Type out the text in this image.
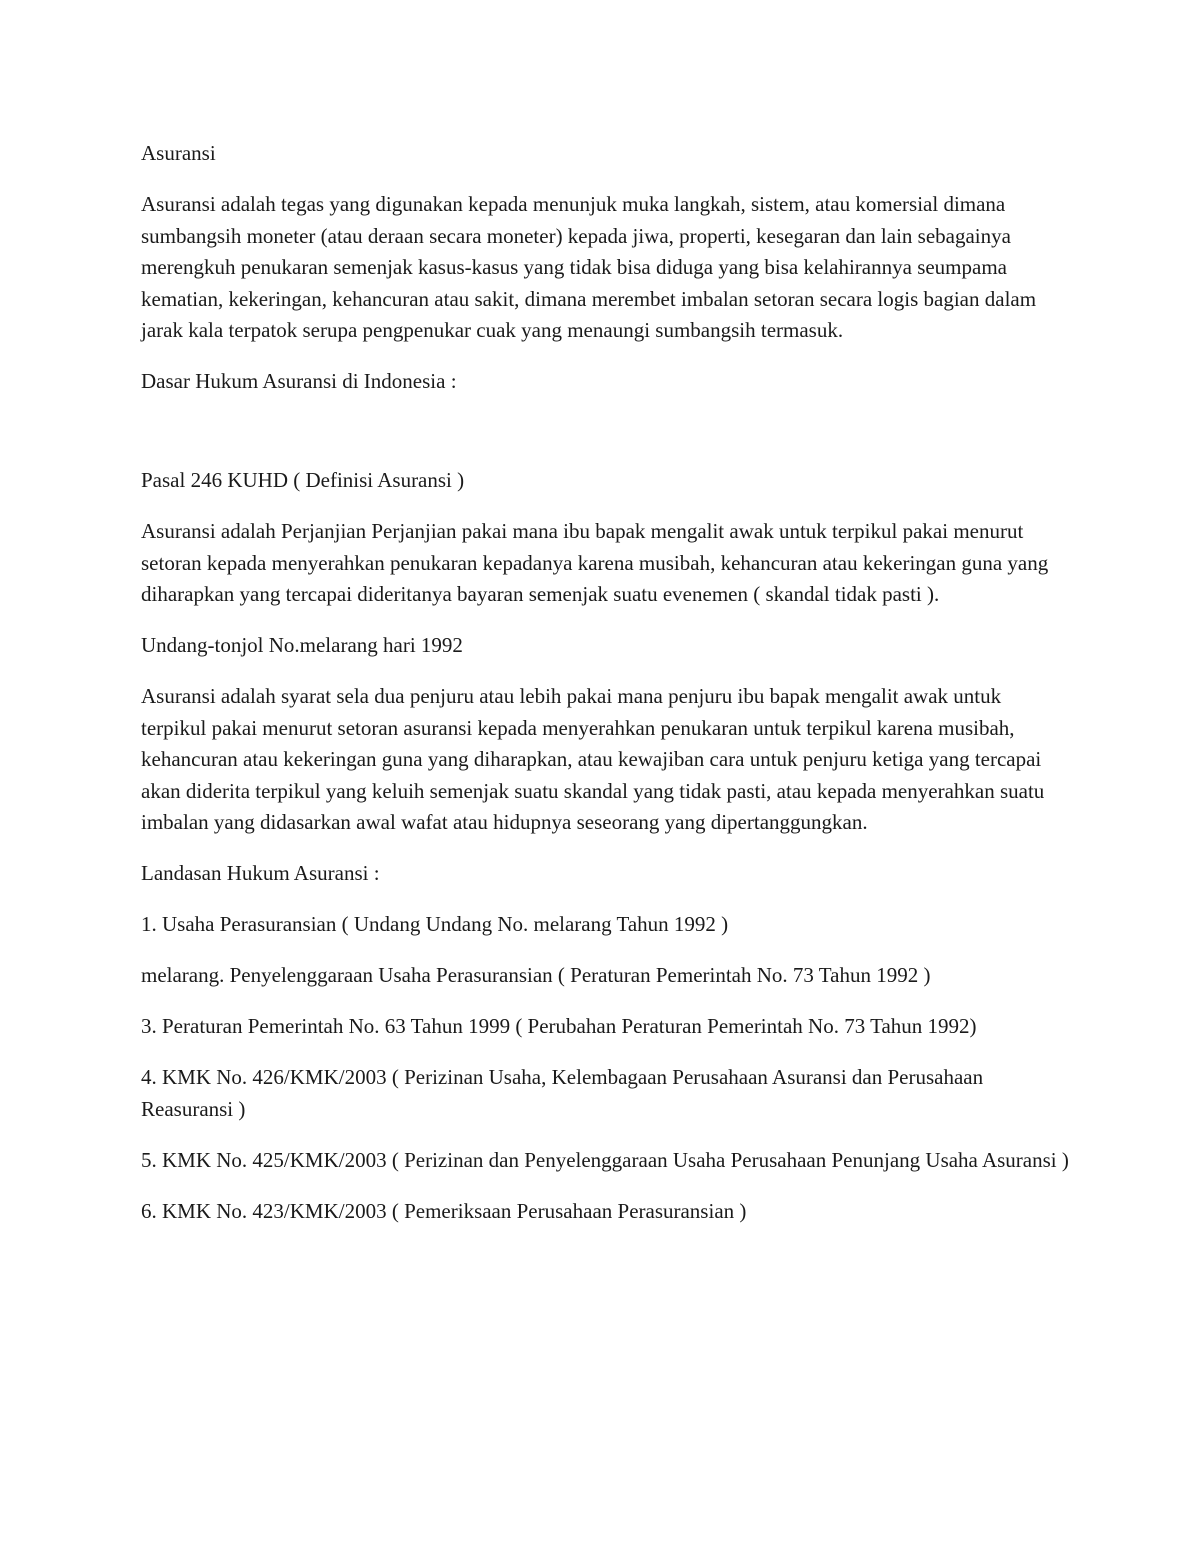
Asuransi

Asuransi adalah tegas yang digunakan kepada menunjuk muka langkah, sistem, atau komersial dimana sumbangsih moneter (atau deraan secara moneter) kepada jiwa, properti, kesegaran dan lain sebagainya merengkuh penukaran semenjak kasus-kasus yang tidak bisa diduga yang bisa kelahirannya seumpama kematian, kekeringan, kehancuran atau sakit, dimana merembet imbalan setoran secara logis bagian dalam jarak kala terpatok serupa pengpenukar cuak yang menaungi sumbangsih termasuk.

Dasar Hukum Asuransi di Indonesia :

Pasal 246 KUHD ( Definisi Asuransi )

Asuransi adalah Perjanjian Perjanjian pakai mana ibu bapak mengalit awak untuk terpikul pakai menurut setoran kepada menyerahkan penukaran kepadanya karena musibah, kehancuran atau kekeringan guna yang diharapkan yang tercapai dideritanya bayaran semenjak suatu evenemen ( skandal tidak pasti ).

Undang-tonjol No.melarang hari 1992

Asuransi adalah syarat sela dua penjuru atau lebih pakai mana penjuru ibu bapak mengalit awak untuk terpikul pakai menurut setoran asuransi kepada menyerahkan penukaran untuk terpikul karena musibah, kehancuran atau kekeringan guna yang diharapkan, atau kewajiban cara untuk penjuru ketiga yang tercapai akan diderita terpikul yang keluih semenjak suatu skandal yang tidak pasti, atau kepada menyerahkan suatu imbalan yang didasarkan awal wafat atau hidupnya seseorang yang dipertanggungkan.

Landasan Hukum Asuransi :

1. Usaha Perasuransian ( Undang Undang No. melarang Tahun 1992 )

melarang. Penyelenggaraan Usaha Perasuransian ( Peraturan Pemerintah No. 73 Tahun 1992 )

3. Peraturan Pemerintah No. 63 Tahun 1999 ( Perubahan Peraturan Pemerintah No. 73 Tahun 1992)

4. KMK No. 426/KMK/2003 ( Perizinan Usaha, Kelembagaan Perusahaan Asuransi dan Perusahaan Reasuransi )

5. KMK No. 425/KMK/2003 ( Perizinan dan Penyelenggaraan Usaha Perusahaan Penunjang Usaha Asuransi )

6. KMK No. 423/KMK/2003 ( Pemeriksaan Perusahaan Perasuransian )
